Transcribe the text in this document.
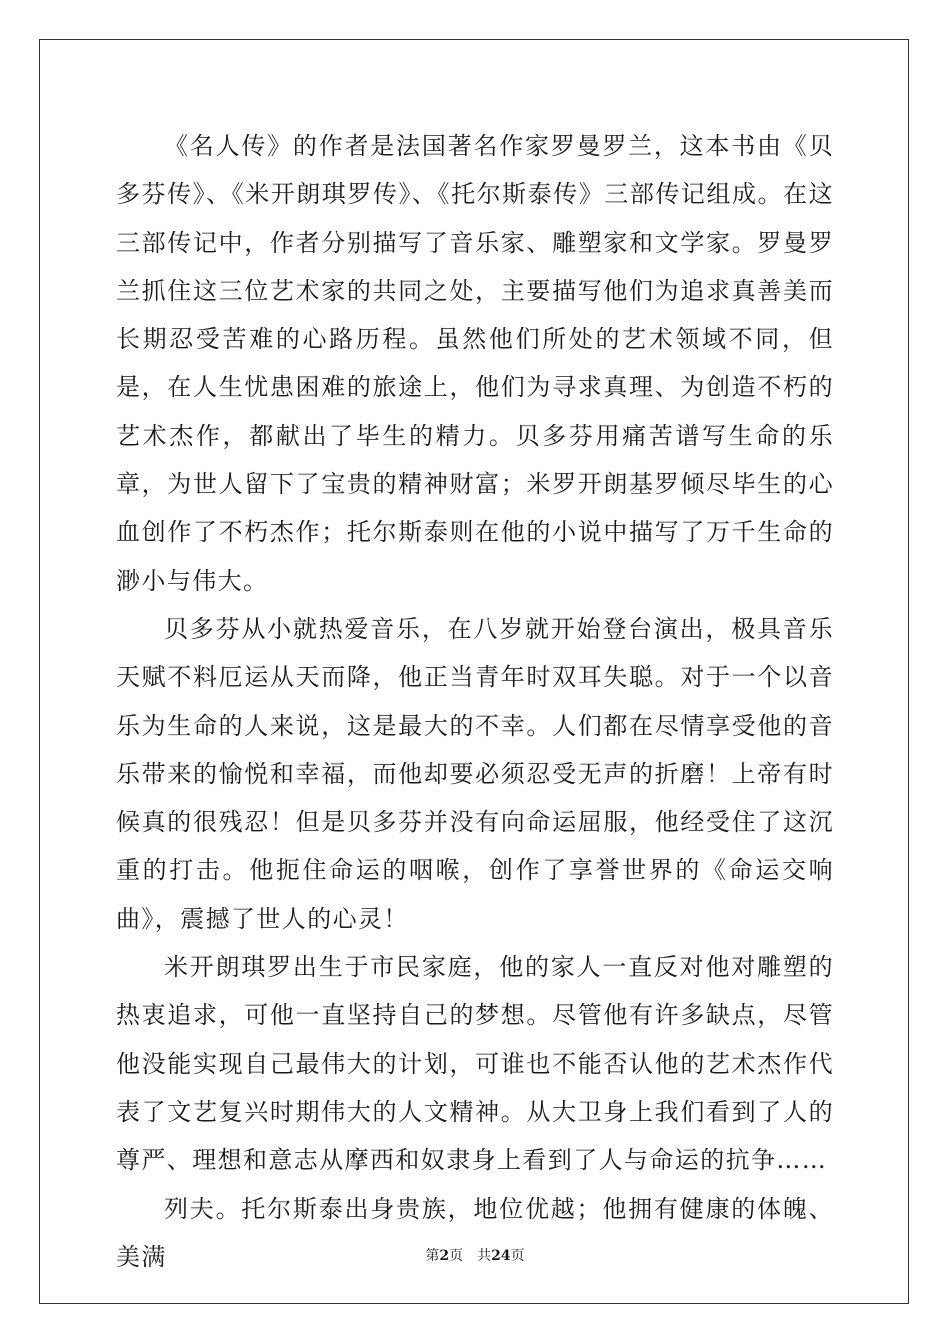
《名人传》的作者是法国著名作家罗曼罗兰，这本书由《贝多芬传》、《米开朗琪罗传》、《托尔斯泰传》三部传记组成。在这三部传记中，作者分别描写了音乐家、雕塑家和文学家。罗曼罗兰抓住这三位艺术家的共同之处，主要描写他们为追求真善美而长期忍受苦难的心路历程。虽然他们所处的艺术领域不同，但是，在人生忧患困难的旅途上，他们为寻求真理、为创造不朽的艺术杰作，都献出了毕生的精力。贝多芬用痛苦谱写生命的乐章，为世人留下了宝贵的精神财富；米罗开朗基罗倾尽毕生的心血创作了不朽杰作；托尔斯泰则在他的小说中描写了万千生命的渺小与伟大。

贝多芬从小就热爱音乐，在八岁就开始登台演出，极具音乐天赋不料厄运从天而降，他正当青年时双耳失聪。对于一个以音乐为生命的人来说，这是最大的不幸。人们都在尽情享受他的音乐带来的愉悦和幸福，而他却要必须忍受无声的折磨！上帝有时候真的很残忍！但是贝多芬并没有向命运屈服，他经受住了这沉重的打击。他扼住命运的咽喉，创作了享誉世界的《命运交响曲》，震撼了世人的心灵！

米开朗琪罗出生于市民家庭，他的家人一直反对他对雕塑的热衷追求，可他一直坚持自己的梦想。尽管他有许多缺点，尽管他没能实现自己最伟大的计划，可谁也不能否认他的艺术杰作代表了文艺复兴时期伟大的人文精神。从大卫身上我们看到了人的尊严、理想和意志从摩西和奴隶身上看到了人与命运的抗争……

列夫。托尔斯泰出身贵族，地位优越；他拥有健康的体魄、美满	第2页 共24页
